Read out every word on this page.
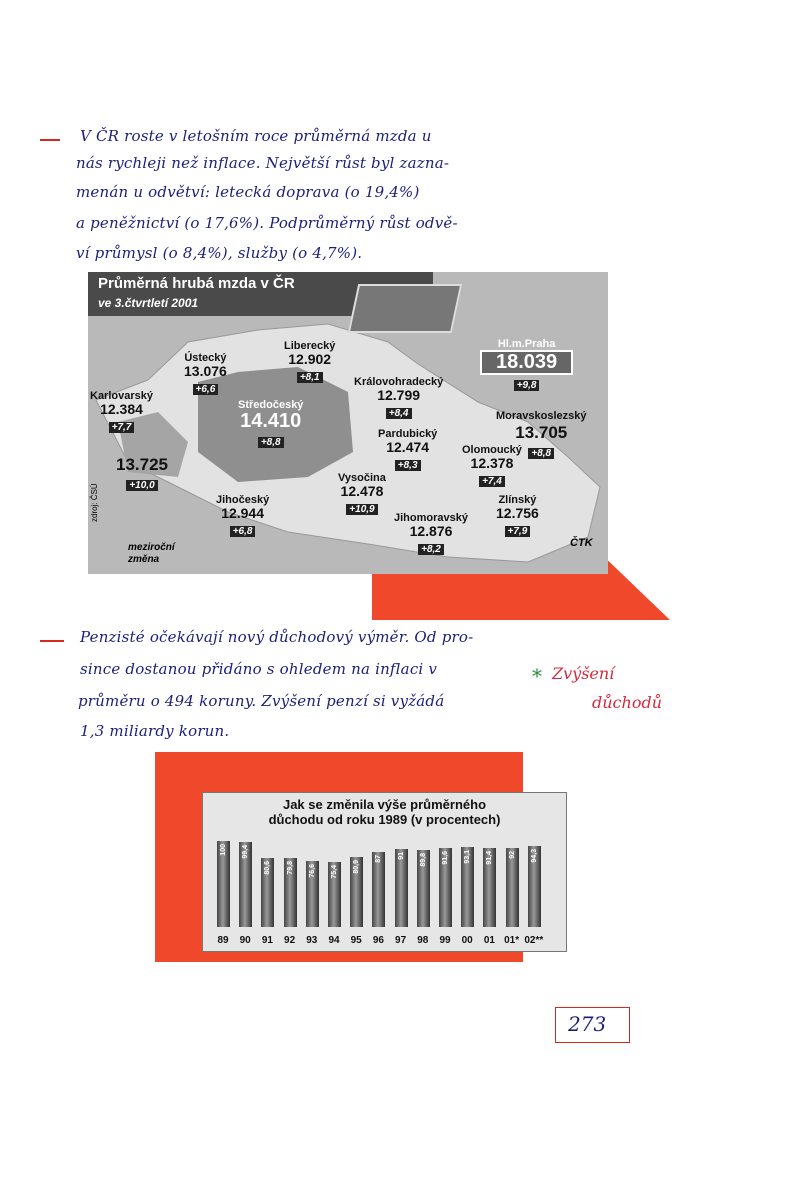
V ČR roste v letošním roce průměrná mzda u
nás rychleji než inflace. Největší růst byl zazna-
menán u odvětví: letecká doprava (o 19,4%)
a peněžnictví (o 17,6%). Podprůměrný růst odvě-
ví průmysl (o 8,4%), služby (o 4,7%).
Průměrná hrubá mzda v ČR
ve 3.čtvrtletí 2001
Ústecký
13.076
+6,6
Liberecký
12.902
+8,1
Hl.m.Praha
18.039
+9,8
Karlovarský
12.384
+7,7
Středočeský
14.410
+8,8
Královohradecký
12.799
+8,4	Moravskoslezský
13.705
+8,8
13.725
+10,0
Pardubický
12.474
+8,3
Olomoucký
12.378
+7,4
Vysočina
12.478
+10,9
Jihočeský
12.944
+6,8
Zlínský
12.756
+7,9
Jihomoravský
12.876
+8,2
meziroční změna
zdroj: ČSÚ
ČTK
Penzisté očekávají nový důchodový výměr. Od pro-
since dostanou přidáno s ohledem na inflaci v
průměru o 494 koruny. Zvýšení penzí si vyžádá
1,3 miliardy korun.
* Zvýšení
důchodů
Jak se změnila výše průměrného
důchodu od roku 1989 (v procentech)
100
89
99,4
90
80,6
91
79,8
92
76,6
93
75,4
94
80,9
95
87
96
91
97
89,8
98
91,6
99
93,1
00
91,4
01
92
01*
94,3
02**
273
